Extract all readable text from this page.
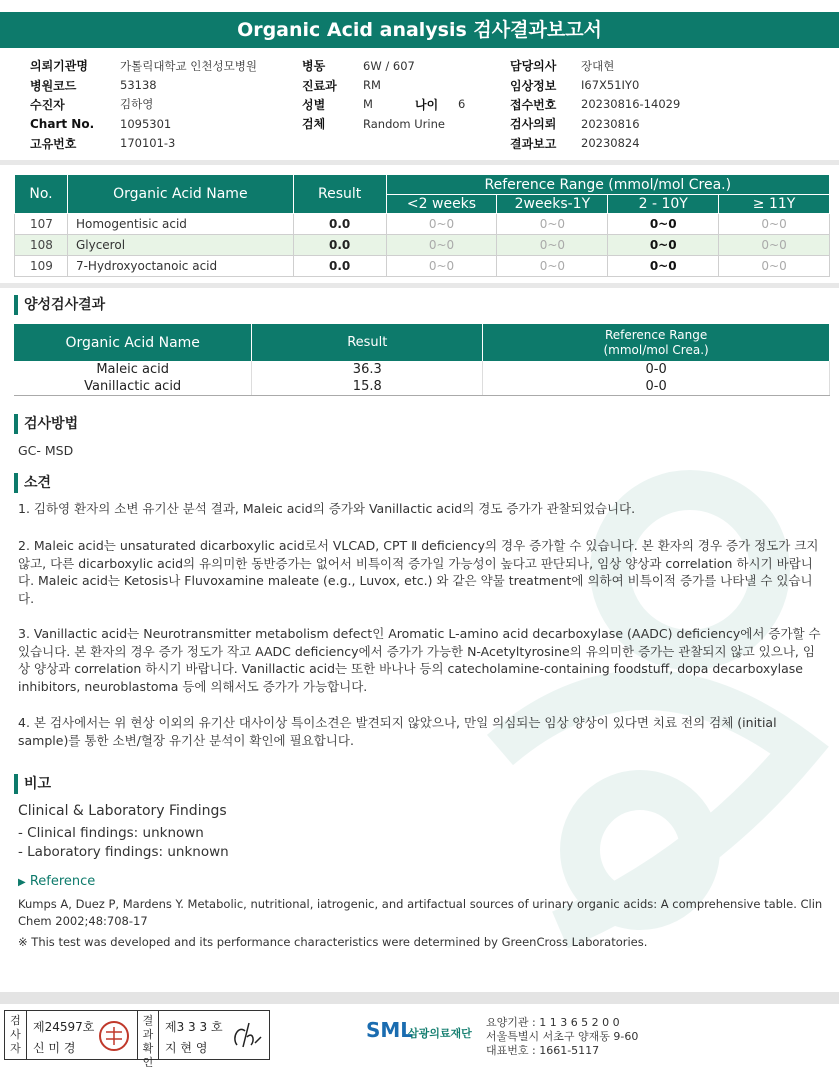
Organic Acid analysis 검사결과보고서
의뢰기관명	가톨릭대학교 인천성모병원	병동	6W / 607	담당의사 장대현
병원코드	53138	진료과 RM	임상정보 I67X51IY0
수진자	김하영	성별	M	나이 6	접수번호 20230816-14029
Chart No. 1095301	검체	Random Urine	검사의뢰 20230816
고유번호	170101-3	결과보고 20230824
No.	Organic Acid Name	Result	Reference Range (mmol/mol Crea.)			
			<2 weeks	2weeks-1Y	2 - 10Y	≥ 11Y
107	Homogentisic acid	0.0	0~0	0~0	0~0	0~0
108	Glycerol	0.0	0~0	0~0	0~0	0~0
109	7-Hydroxyoctanoic acid	0.0	0~0	0~0	0~0	0~0
양성검사결과
Organic Acid Name	Result	Reference Range
(mmol/mol Crea.)
Maleic acid	36.3	0-0
Vanillactic acid	15.8	0-0
검사방법
GC- MSD
소견
1. 김하영 환자의 소변 유기산 분석 결과, Maleic acid의 증가와 Vanillactic acid의 경도 증가가 관찰되었습니다.
2. Maleic acid는 unsaturated dicarboxylic acid로서 VLCAD, CPT Ⅱ deficiency의 경우 증가할 수 있습니다. 본 환자의 경우 증가 정도가 크지 않고, 다른 dicarboxylic acid의 유의미한 동반증가는 없어서 비특이적 증가일 가능성이 높다고 판단되나, 임상 양상과 correlation 하시기 바랍니다. Maleic acid는 Ketosis나 Fluvoxamine maleate (e.g., Luvox, etc.) 와 같은 약물 treatment에 의하여 비특이적 증가를 나타낼 수 있습니다.
3. Vanillactic acid는 Neurotransmitter metabolism defect인 Aromatic L-amino acid decarboxylase (AADC) deficiency에서 증가할 수 있습니다. 본 환자의 경우 증가 정도가 작고 AADC deficiency에서 증가가 가능한 N-Acetyltyrosine의 유의미한 증가는 관찰되지 않고 있으나, 임상 양상과 correlation 하시기 바랍니다. Vanillactic acid는 또한 바나나 등의 catecholamine-containing foodstuff, dopa decarboxylase inhibitors, neuroblastoma 등에 의해서도 증가가 가능합니다.
4. 본 검사에서는 위 현상 이외의 유기산 대사이상 특이소견은 발견되지 않았으나, 만일 의심되는 임상 양상이 있다면 치료 전의 검체 (initial sample)를 통한 소변/혈장 유기산 분석이 확인에 필요합니다.
비고
Clinical & Laboratory Findings
- Clinical findings: unknown
- Laboratory findings: unknown
▶ Reference
Kumps A, Duez P, Mardens Y. Metabolic, nutritional, iatrogenic, and artifactual sources of urinary organic acids: A comprehensive table. Clin Chem 2002;48:708-17
※ This test was developed and its performance characteristics were determined by GreenCross Laboratories.
검사자
제24597호
신 미 경
결과확인
제3 3 3 호
지 현 영
SML
삼광의료재단
요양기관 : 1 1 3 6 5 2 0 0
서울특별시 서초구 양재동 9-60
대표번호 : 1661-5117
